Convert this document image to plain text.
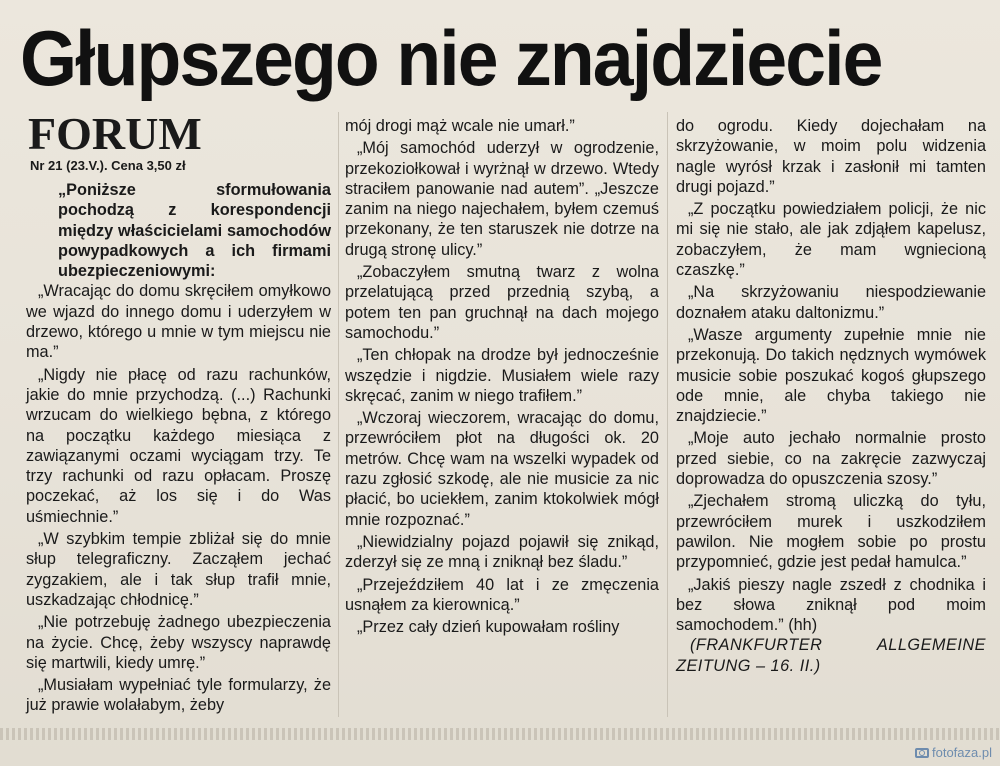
Głupszego nie znajdziecie
FORUM
Nr 21 (23.V.). Cena 3,50 zł
„Poniższe sformułowania pochodzą z korespondencji między właścicielami samochodów powypadkowych a ich firmami ubezpieczeniowymi:

„Wracając do domu skręciłem omyłkowo we wjazd do innego domu i uderzyłem w drzewo, którego u mnie w tym miejscu nie ma.”

„Nigdy nie płacę od razu rachunków, jakie do mnie przychodzą. (...) Rachunki wrzucam do wielkiego bębna, z którego na początku każdego miesiąca z zawiązanymi oczami wyciągam trzy. Te trzy rachunki od razu opłacam. Proszę poczekać, aż los się i do Was uśmiechnie.”

„W szybkim tempie zbliżał się do mnie słup telegraficzny. Zacząłem jechać zygzakiem, ale i tak słup trafił mnie, uszkadzając chłodnicę.”

„Nie potrzebuję żadnego ubezpieczenia na życie. Chcę, żeby wszyscy naprawdę się martwili, kiedy umrę.”

„Musiałam wypełniać tyle formularzy, że już prawie wolałabym, żeby

mój drogi mąż wcale nie umarł.”

„Mój samochód uderzył w ogrodzenie, przekoziołkował i wyrżnął w drzewo. Wtedy straciłem panowanie nad autem”. „Jeszcze zanim na niego najechałem, byłem czemuś przekonany, że ten staruszek nie dotrze na drugą stronę ulicy.”

„Zobaczyłem smutną twarz z wolna przelatującą przed przednią szybą, a potem ten pan gruchnął na dach mojego samochodu.”

„Ten chłopak na drodze był jednocześnie wszędzie i nigdzie. Musiałem wiele razy skręcać, zanim w niego trafiłem.”

„Wczoraj wieczorem, wracając do domu, przewróciłem płot na długości ok. 20 metrów. Chcę wam na wszelki wypadek od razu zgłosić szkodę, ale nie musicie za nic płacić, bo uciekłem, zanim ktokolwiek mógł mnie rozpoznać.”

„Niewidzialny pojazd pojawił się znikąd, zderzył się ze mną i zniknął bez śladu.”

„Przejeździłem 40 lat i ze zmęczenia usnąłem za kierownicą.”

„Przez cały dzień kupowałam rośliny

do ogrodu. Kiedy dojechałam na skrzyżowanie, w moim polu widzenia nagle wyrósł krzak i zasłonił mi tamten drugi pojazd.”

„Z początku powiedziałem policji, że nic mi się nie stało, ale jak zdjąłem kapelusz, zobaczyłem, że mam wgniecioną czaszkę.”

„Na skrzyżowaniu niespodziewanie doznałem ataku daltonizmu.”

„Wasze argumenty zupełnie mnie nie przekonują. Do takich nędznych wymówek musicie sobie poszukać kogoś głupszego ode mnie, ale chyba takiego nie znajdziecie.”

„Moje auto jechało normalnie prosto przed siebie, co na zakręcie zazwyczaj doprowadza do opuszczenia szosy.”

„Zjechałem stromą uliczką do tyłu, przewróciłem murek i uszkodziłem pawilon. Nie mogłem sobie po prostu przypomnieć, gdzie jest pedał hamulca.”

„Jakiś pieszy nagle zszedł z chodnika i bez słowa zniknął pod moim samochodem.” (hh)

(FRANKFURTER ALLGEMEINE ZEITUNG – 16. II.)

fotofaza.pl
